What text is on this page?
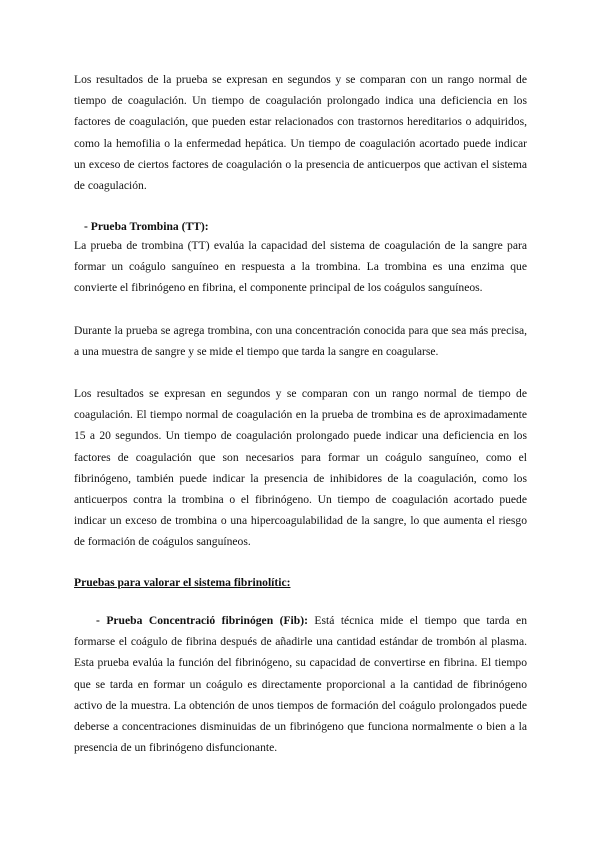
Los resultados de la prueba se expresan en segundos y se comparan con un rango normal de tiempo de coagulación. Un tiempo de coagulación prolongado indica una deficiencia en los factores de coagulación, que pueden estar relacionados con trastornos hereditarios o adquiridos, como la hemofilia o la enfermedad hepática. Un tiempo de coagulación acortado puede indicar un exceso de ciertos factores de coagulación o la presencia de anticuerpos que activan el sistema de coagulación.

- Prueba Trombina (TT):

La prueba de trombina (TT) evalúa la capacidad del sistema de coagulación de la sangre para formar un coágulo sanguíneo en respuesta a la trombina. La trombina es una enzima que convierte el fibrinógeno en fibrina, el componente principal de los coágulos sanguíneos.

Durante la prueba se agrega trombina, con una concentración conocida para que sea más precisa, a una muestra de sangre y se mide el tiempo que tarda la sangre en coagularse.

Los resultados se expresan en segundos y se comparan con un rango normal de tiempo de coagulación. El tiempo normal de coagulación en la prueba de trombina es de aproximadamente 15 a 20 segundos. Un tiempo de coagulación prolongado puede indicar una deficiencia en los factores de coagulación que son necesarios para formar un coágulo sanguíneo, como el fibrinógeno, también puede indicar la presencia de inhibidores de la coagulación, como los anticuerpos contra la trombina o el fibrinógeno. Un tiempo de coagulación acortado puede indicar un exceso de trombina o una hipercoagulabilidad de la sangre, lo que aumenta el riesgo de formación de coágulos sanguíneos.

Pruebas para valorar el sistema fibrinolític:

- Prueba Concentració fibrinógen (Fib): Está técnica mide el tiempo que tarda en formarse el coágulo de fibrina después de añadirle una cantidad estándar de trombón al plasma. Esta prueba evalúa la función del fibrinógeno, su capacidad de convertirse en fibrina. El tiempo que se tarda en formar un coágulo es directamente proporcional a la cantidad de fibrinógeno activo de la muestra. La obtención de unos tiempos de formación del coágulo prolongados puede deberse a concentraciones disminuidas de un fibrinógeno que funciona normalmente o bien a la presencia de un fibrinógeno disfuncionante.
